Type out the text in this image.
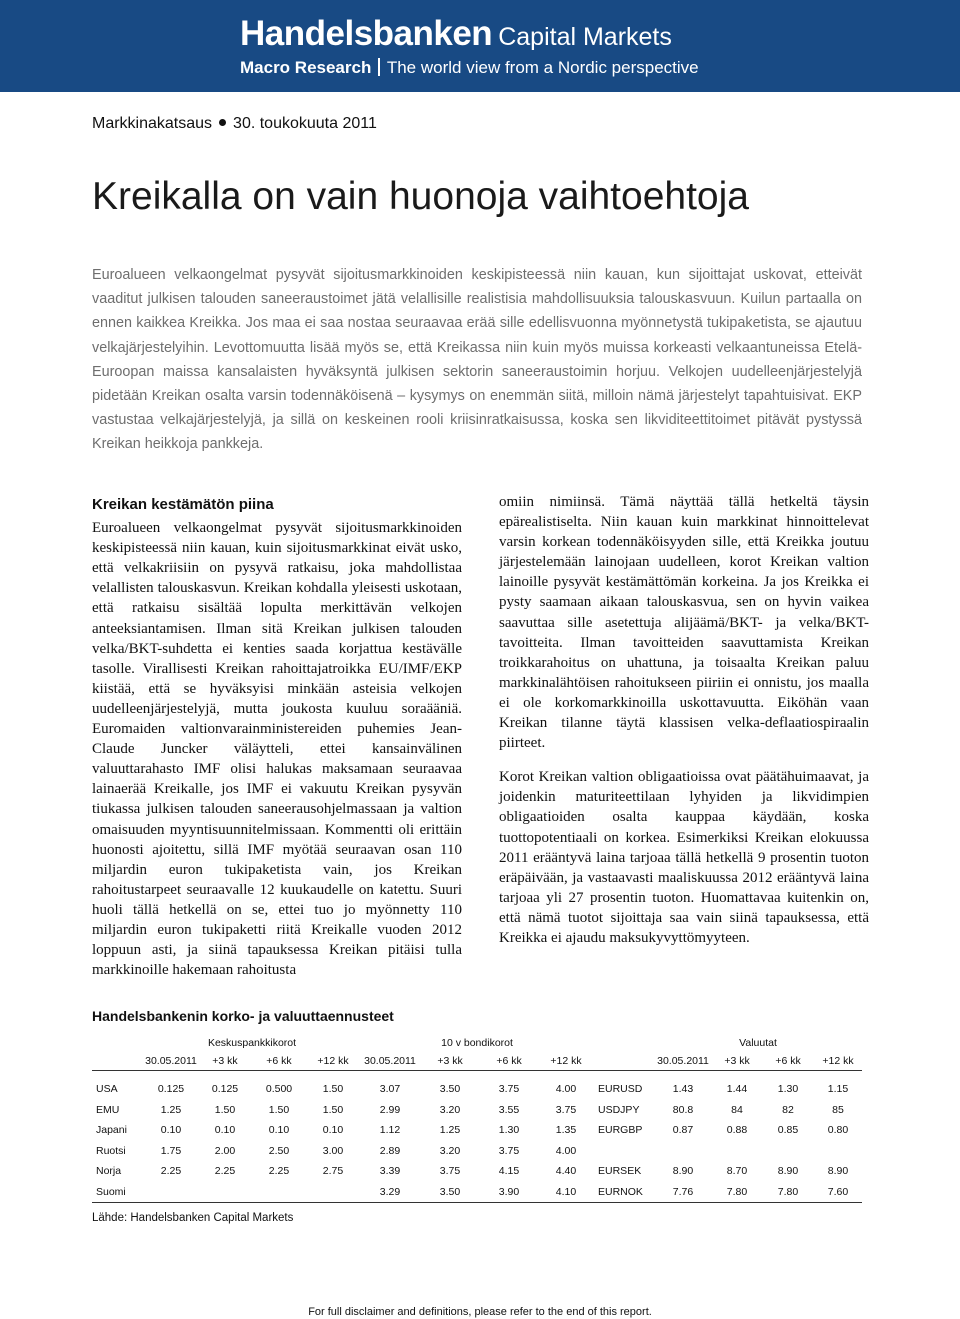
Handelsbanken Capital Markets
Macro Research The world view from a Nordic perspective
Markkinakatsaus 30. toukokuuta 2011
Kreikalla on vain huonoja vaihtoehtoja

Euroalueen velkaongelmat pysyvät sijoitusmarkkinoiden keskipisteessä niin kauan, kun sijoittajat uskovat, etteivät vaaditut julkisen talouden saneeraustoimet jätä velallisille realistisia mahdollisuuksia talouskasvuun. Kuilun partaalla on ennen kaikkea Kreikka. Jos maa ei saa nostaa seuraavaa erää sille edellisvuonna myönnetystä tukipaketista, se ajautuu velkajärjestelyihin. Levottomuutta lisää myös se, että Kreikassa niin kuin myös muissa korkeasti velkaantuneissa Etelä-Euroopan maissa kansalaisten hyväksyntä julkisen sektorin saneeraustoimin horjuu. Velkojen uudelleenjärjestelyjä pidetään Kreikan osalta varsin todennäköisenä – kysymys on enemmän siitä, milloin nämä järjestelyt tapahtuisivat. EKP vastustaa velkajärjestelyjä, ja sillä on keskeinen rooli kriisinratkaisussa, koska sen likviditeettitoimet pitävät pystyssä Kreikan heikkoja pankkeja.

Kreikan kestämätön piina

Euroalueen velkaongelmat pysyvät sijoitusmarkkinoiden keskipisteessä niin kauan, kuin sijoitusmarkkinat eivät usko, että velkakriisiin on pysyvä ratkaisu, joka mahdollistaa velallisten talouskasvun. Kreikan kohdalla yleisesti uskotaan, että ratkaisu sisältää lopulta merkittävän velkojen anteeksiantamisen. Ilman sitä Kreikan julkisen talouden velka/BKT-suhdetta ei kenties saada korjattua kestävälle tasolle. Virallisesti Kreikan rahoittajatroikka EU/IMF/EKP kiistää, että se hyväksyisi minkään asteisia velkojen uudelleenjärjestelyjä, mutta joukosta kuuluu soraääniä. Euromaiden valtionvarainministereiden puhemies Jean-Claude Juncker väläytteli, ettei kansainvälinen valuuttarahasto IMF olisi halukas maksamaan seuraavaa lainaerää Kreikalle, jos IMF ei vakuutu Kreikan pysyvän tiukassa julkisen talouden saneerausohjelmassaan ja valtion omaisuuden myyntisuunnitelmissaan. Kommentti oli erittäin huonosti ajoitettu, sillä IMF myötää seuraavan osan 110 miljardin euron tukipaketista vain, jos Kreikan rahoitustarpeet seuraavalle 12 kuukaudelle on katettu. Suuri huoli tällä hetkellä on se, ettei tuo jo myönnetty 110 miljardin euron tukipaketti riitä Kreikalle vuoden 2012 loppuun asti, ja siinä tapauksessa Kreikan pitäisi tulla markkinoille hakemaan rahoitusta

omiin nimiinsä. Tämä näyttää tällä hetkeltä täysin epärealistiselta. Niin kauan kuin markkinat hinnoittelevat varsin korkean todennäköisyyden sille, että Kreikka joutuu järjestelemään lainojaan uudelleen, korot Kreikan valtion lainoille pysyvät kestämättömän korkeina. Ja jos Kreikka ei pysty saamaan aikaan talouskasvua, sen on hyvin vaikea saavuttaa sille asetettuja alijäämä/BKT- ja velka/BKT-tavoitteita. Ilman tavoitteiden saavuttamista Kreikan troikkarahoitus on uhattuna, ja toisaalta Kreikan paluu markkinalähtöisen rahoitukseen piiriin ei onnistu, jos maalla ei ole korkomarkkinoilla uskottavuutta. Eiköhän vaan Kreikan tilanne täytä klassisen velka-deflaatiospiraalin piirteet.

Korot Kreikan valtion obligaatioissa ovat päätähuimaavat, ja joidenkin maturiteettilaan lyhyiden ja likvidimpien obligaatioiden osalta kauppaa käydään, koska tuottopotentiaali on korkea. Esimerkiksi Kreikan elokuussa 2011 erääntyvä laina tarjoaa tällä hetkellä 9 prosentin tuoton eräpäivään, ja vastaavasti maaliskuussa 2012 erääntyvä laina tarjoaa yli 27 prosentin tuoton. Huomattavaa kuitenkin on, että nämä tuotot sijoittaja saa vain siinä tapauksessa, että Kreikka ei ajaudu maksukyvyttömyyteen.

Handelsbankenin korko- ja valuuttaennusteet
	Keskuspankkikorot				10 v bondikorot					Valuutat			
	30.05.2011	+3 kk	+6 kk	+12 kk	30.05.2011	+3 kk	+6 kk	+12 kk		30.05.2011	+3 kk	+6 kk	+12 kk

USA	0.125	0.125	0.500	1.50	3.07	3.50	3.75	4.00	EURUSD	1.43	1.44	1.30	1.15
EMU	1.25	1.50	1.50	1.50	2.99	3.20	3.55	3.75	USDJPY	80.8	84	82	85
Japani	0.10	0.10	0.10	0.10	1.12	1.25	1.30	1.35	EURGBP	0.87	0.88	0.85	0.80
Ruotsi	1.75	2.00	2.50	3.00	2.89	3.20	3.75	4.00					
Norja	2.25	2.25	2.25	2.75	3.39	3.75	4.15	4.40	EURSEK	8.90	8.70	8.90	8.90
Suomi					3.29	3.50	3.90	4.10	EURNOK	7.76	7.80	7.80	7.60
Lähde: Handelsbanken Capital Markets
For full disclaimer and definitions, please refer to the end of this report.
